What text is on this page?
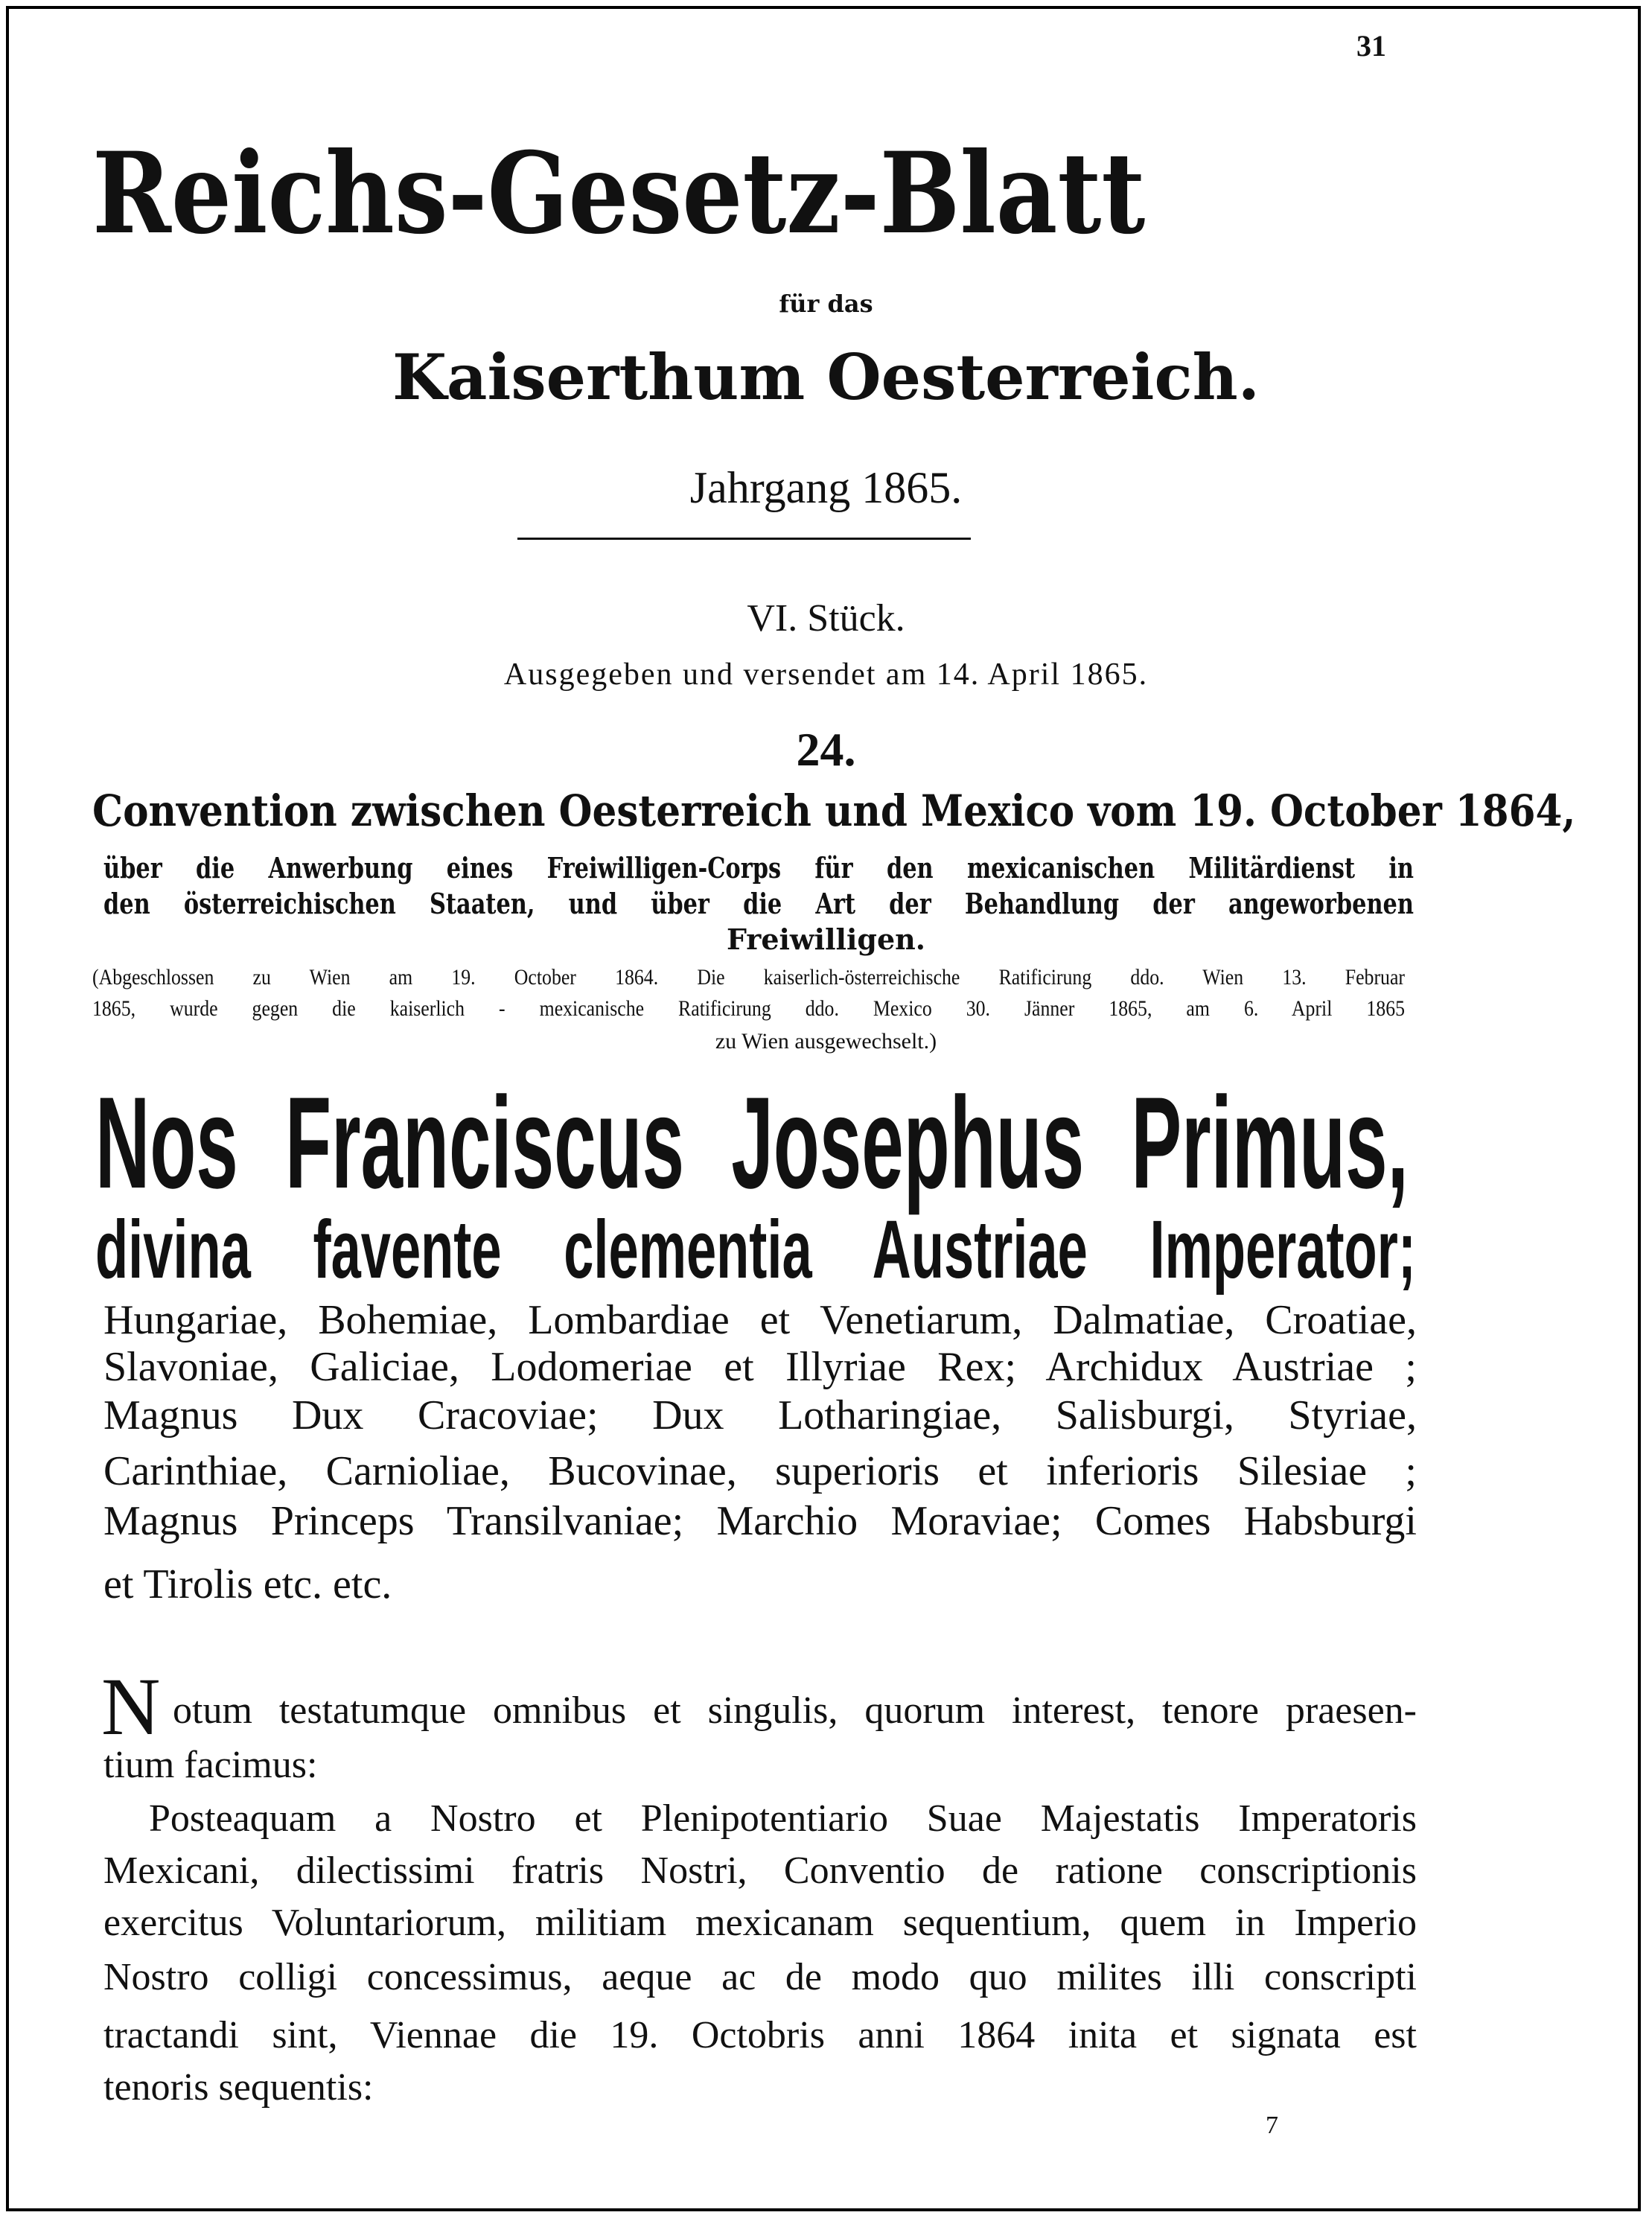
31
Reichs-Gesetz-Blatt
für das
Kaiserthum Oesterreich.
Jahrgang 1865.
VI. Stück.
Ausgegeben und versendet am 14. April 1865.
24.
Convention zwischen Oesterreich und Mexico vom 19. October 1864,
über die Anwerbung eines Freiwilligen-Corps für den mexicanischen Militärdienst in
den österreichischen Staaten, und über die Art der Behandlung der angeworbenen
Freiwilligen.
(Abgeschlossen zu Wien am 19. October 1864. Die kaiserlich-österreichische Ratificirung ddo. Wien 13. Februar
1865, wurde gegen die kaiserlich - mexicanische Ratificirung ddo. Mexico 30. Jänner 1865, am 6. April 1865
zu Wien ausgewechselt.)
Nos Franciscus Josephus Primus,
divina favente clementia Austriae Imperator;
Hungariae, Bohemiae, Lombardiae et Venetiarum, Dalmatiae, Croatiae,
Slavoniae, Galiciae, Lodomeriae et Illyriae Rex; Archidux Austriae ;
Magnus Dux Cracoviae; Dux Lotharingiae, Salisburgi, Styriae,
Carinthiae, Carnioliae, Bucovinae, superioris et inferioris Silesiae ;
Magnus Princeps Transilvaniae; Marchio Moraviae; Comes Habsburgi
et Tirolis etc. etc.
N otum testatumque omnibus et singulis, quorum interest, tenore praesen-
tium facimus:
Posteaquam a Nostro et Plenipotentiario Suae Majestatis Imperatoris
Mexicani, dilectissimi fratris Nostri, Conventio de ratione conscriptionis
exercitus Voluntariorum, militiam mexicanam sequentium, quem in Imperio
Nostro colligi concessimus, aeque ac de modo quo milites illi conscripti
tractandi sint, Viennae die 19. Octobris anni 1864 inita et signata est
tenoris sequentis:
7
